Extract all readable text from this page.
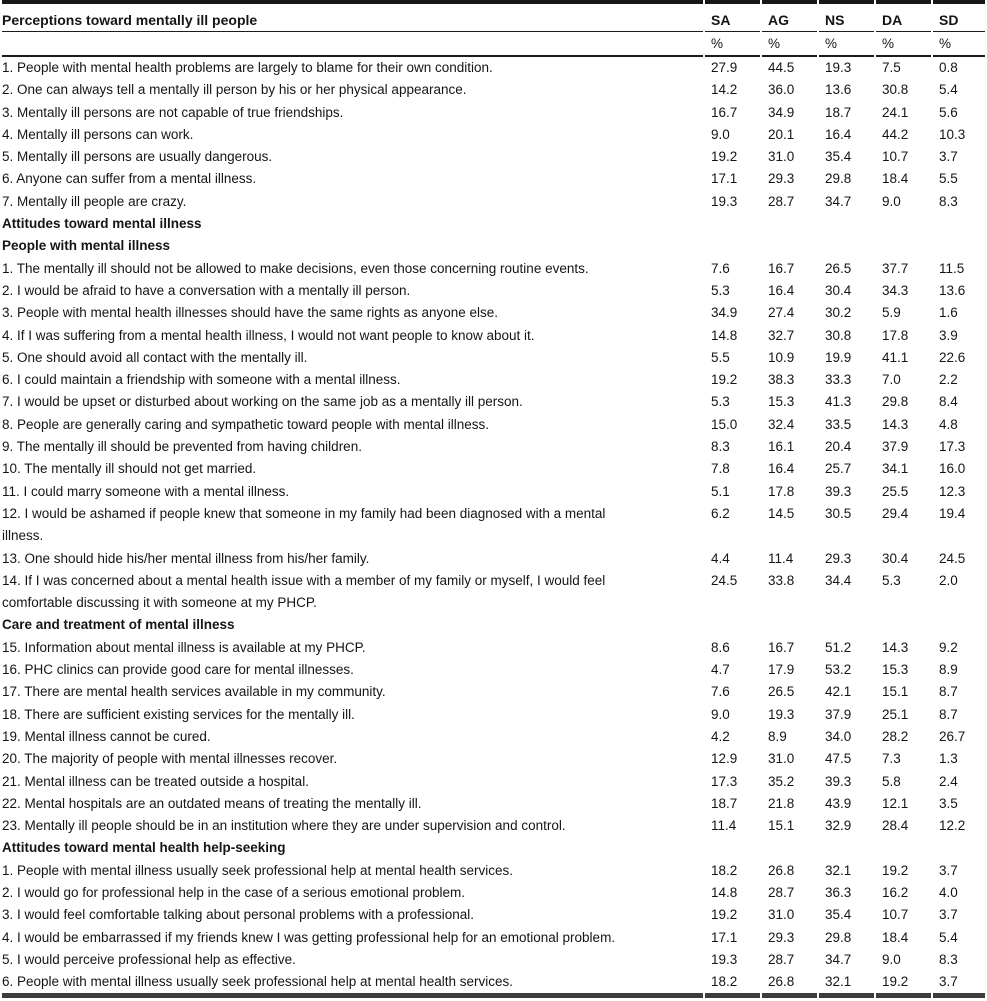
Perceptions toward mentally ill people	SA	AG	NS	DA	SD
	%	%	%	%	%

1. People with mental health problems are largely to blame for their own condition.	27.9	44.5	19.3	7.5	0.8

2. One can always tell a mentally ill person by his or her physical appearance.	14.2	36.0	13.6	30.8	5.4

3. Mentally ill persons are not capable of true friendships.	16.7	34.9	18.7	24.1	5.6

4. Mentally ill persons can work.	9.0	20.1	16.4	44.2	10.3

5. Mentally ill persons are usually dangerous.	19.2	31.0	35.4	10.7	3.7

6. Anyone can suffer from a mental illness.	17.1	29.3	29.8	18.4	5.5

7. Mentally ill people are crazy.	19.3	28.7	34.7	9.0	8.3
Attitudes toward mental illness					
People with mental illness					

1. The mentally ill should not be allowed to make decisions, even those concerning routine events.	7.6	16.7	26.5	37.7	11.5

2. I would be afraid to have a conversation with a mentally ill person.	5.3	16.4	30.4	34.3	13.6

3. People with mental health illnesses should have the same rights as anyone else.	34.9	27.4	30.2	5.9	1.6

4. If I was suffering from a mental health illness, I would not want people to know about it.	14.8	32.7	30.8	17.8	3.9

5. One should avoid all contact with the mentally ill.	5.5	10.9	19.9	41.1	22.6

6. I could maintain a friendship with someone with a mental illness.	19.2	38.3	33.3	7.0	2.2

7. I would be upset or disturbed about working on the same job as a mentally ill person.	5.3	15.3	41.3	29.8	8.4

8. People are generally caring and sympathetic toward people with mental illness.	15.0	32.4	33.5	14.3	4.8

9. The mentally ill should be prevented from having children.	8.3	16.1	20.4	37.9	17.3

10. The mentally ill should not get married.	7.8	16.4	25.7	34.1	16.0

11. I could marry someone with a mental illness.	5.1	17.8	39.3	25.5	12.3

12. I would be ashamed if people knew that someone in my family had been diagnosed with a mental
illness.	6.2	14.5	30.5	29.4	19.4

13. One should hide his/her mental illness from his/her family.	4.4	11.4	29.3	30.4	24.5

14. If I was concerned about a mental health issue with a member of my family or myself, I would feel
comfortable discussing it with someone at my PHCP.	24.5	33.8	34.4	5.3	2.0
Care and treatment of mental illness					

15. Information about mental illness is available at my PHCP.	8.6	16.7	51.2	14.3	9.2

16. PHC clinics can provide good care for mental illnesses.	4.7	17.9	53.2	15.3	8.9

17. There are mental health services available in my community.	7.6	26.5	42.1	15.1	8.7

18. There are sufficient existing services for the mentally ill.	9.0	19.3	37.9	25.1	8.7

19. Mental illness cannot be cured.	4.2	8.9	34.0	28.2	26.7

20. The majority of people with mental illnesses recover.	12.9	31.0	47.5	7.3	1.3

21. Mental illness can be treated outside a hospital.	17.3	35.2	39.3	5.8	2.4

22. Mental hospitals are an outdated means of treating the mentally ill.	18.7	21.8	43.9	12.1	3.5

23. Mentally ill people should be in an institution where they are under supervision and control.	11.4	15.1	32.9	28.4	12.2
Attitudes toward mental health help-seeking					

1. People with mental illness usually seek professional help at mental health services.	18.2	26.8	32.1	19.2	3.7

2. I would go for professional help in the case of a serious emotional problem.	14.8	28.7	36.3	16.2	4.0

3. I would feel comfortable talking about personal problems with a professional.	19.2	31.0	35.4	10.7	3.7

4. I would be embarrassed if my friends knew I was getting professional help for an emotional problem.	17.1	29.3	29.8	18.4	5.4

5. I would perceive professional help as effective.	19.3	28.7	34.7	9.0	8.3

6. People with mental illness usually seek professional help at mental health services.	18.2	26.8	32.1	19.2	3.7
